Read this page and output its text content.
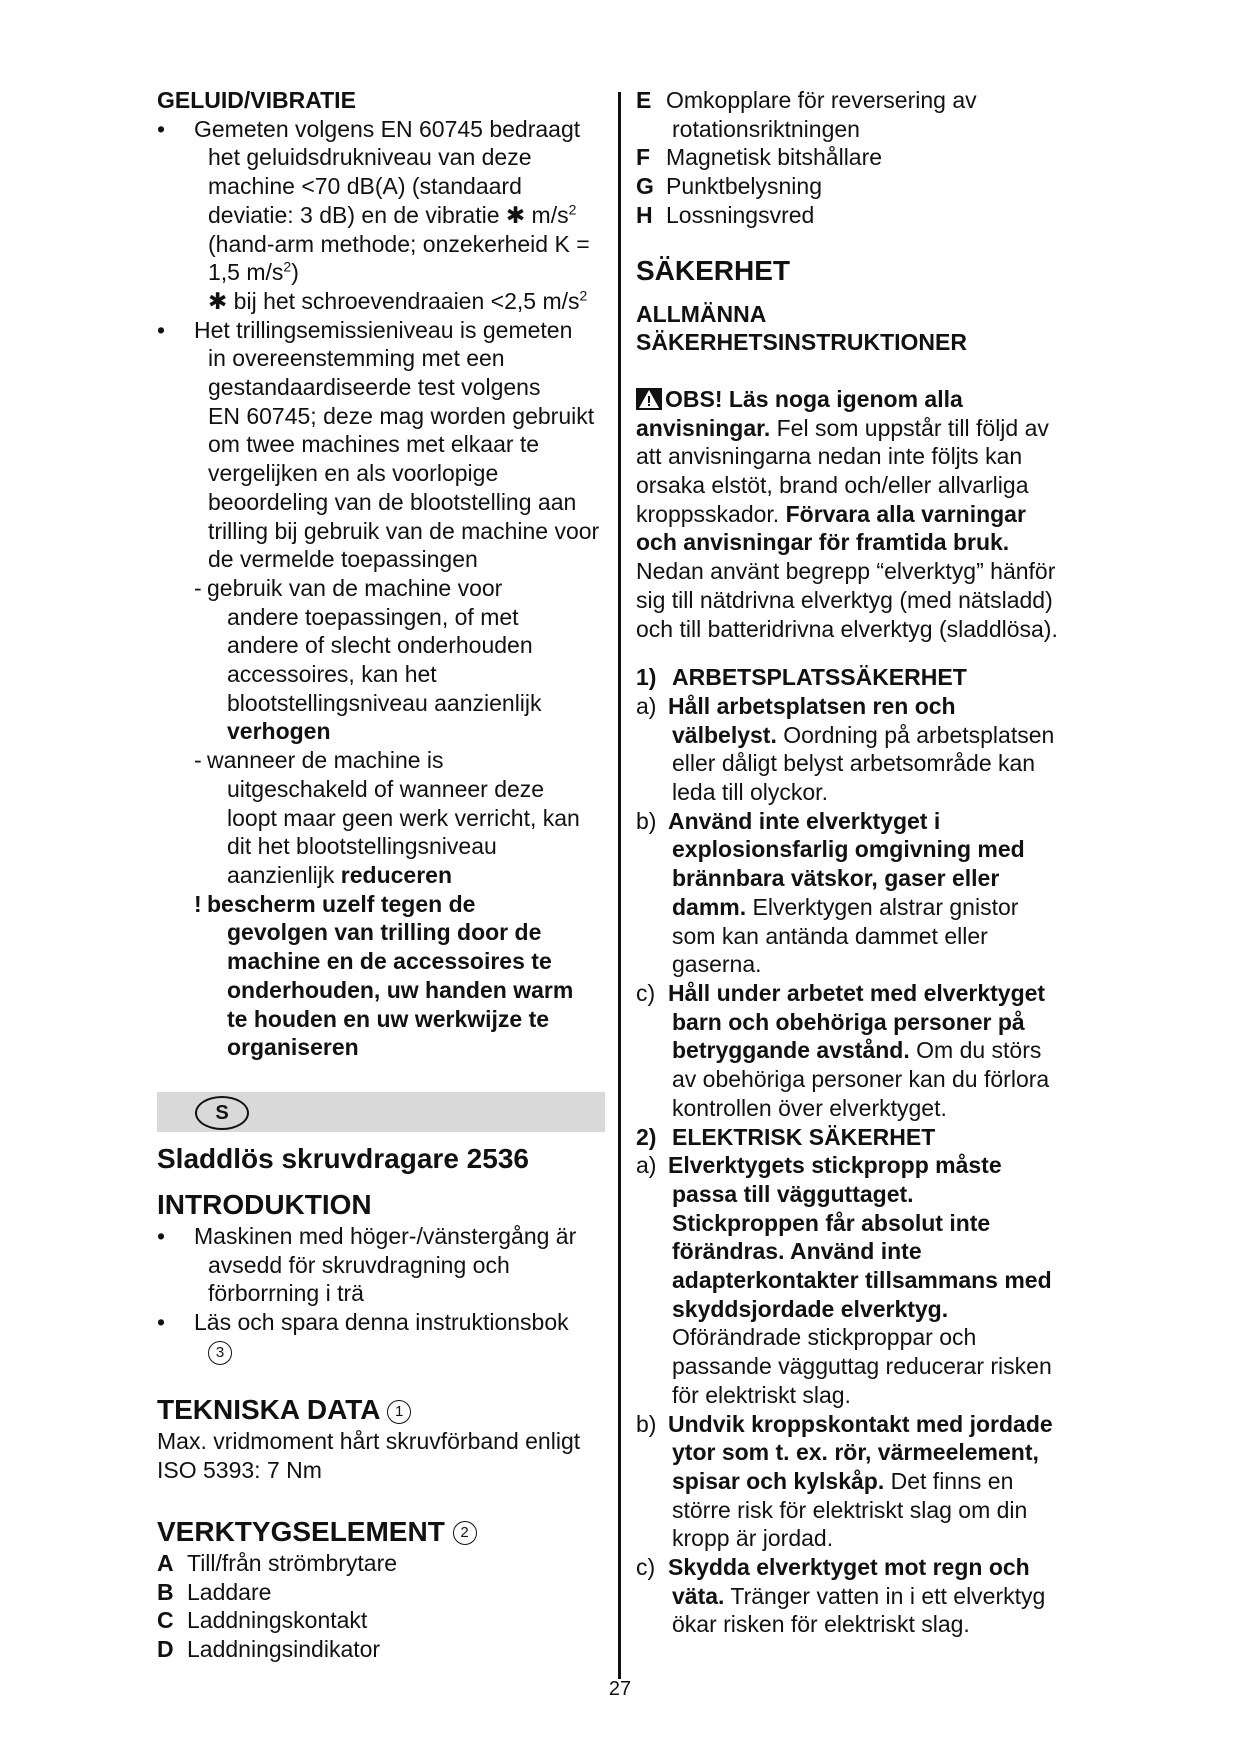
GELUID/VIBRATIE
• Gemeten volgens EN 60745 bedraagt
het geluidsdrukniveau van deze
machine <70 dB(A) (standaard
deviatie: 3 dB) en de vibratie ✱ $m/s^2$
(hand-arm methode; onzekerheid K =
1,5 $m/s^2$)
✱ bij het schroevendraaien <2,5 $m/s^2$
• Het trillingsemissieniveau is gemeten
in overeenstemming met een
gestandaardiseerde test volgens
EN 60745; deze mag worden gebruikt
om twee machines met elkaar te
vergelijken en als voorlopige
beoordeling van de blootstelling aan
trilling bij gebruik van de machine voor
de vermelde toepassingen
- gebruik van de machine voor
andere toepassingen, of met
andere of slecht onderhouden
accessoires, kan het
blootstellingsniveau aanzienlijk
verhogen
- wanneer de machine is
uitgeschakeld of wanneer deze
loopt maar geen werk verricht, kan
dit het blootstellingsniveau
aanzienlijk reduceren
! bescherm uzelf tegen de
gevolgen van trilling door de
machine en de accessoires te
onderhouden, uw handen warm
te houden en uw werkwijze te
organiseren
S
Sladdlös skruvdragare 2536
INTRODUKTION
• Maskinen med höger-/vänstergång är
avsedd för skruvdragning och
förborrning i trä
• Läs och spara denna instruktionsbok
3
TEKNISKA DATA 1
Max. vridmoment hårt skruvförband enligt
ISO 5393: 7 Nm
VERKTYGSELEMENT 2
A Till/från strömbrytare
B Laddare
C Laddningskontakt
D Laddningsindikator
E Omkopplare för reversering av
rotationsriktningen
F Magnetisk bitshållare
G Punktbelysning
H Lossningsvred
SÄKERHET
ALLMÄNNA
SÄKERHETSINSTRUKTIONER
OBS! Läs noga igenom alla
anvisningar. Fel som uppstår till följd av
att anvisningarna nedan inte följts kan
orsaka elstöt, brand och/eller allvarliga
kroppsskador. Förvara alla varningar
och anvisningar för framtida bruk.
Nedan använt begrepp “elverktyg” hänför
sig till nätdrivna elverktyg (med nätsladd)
och till batteridrivna elverktyg (sladdlösa).
1) ARBETSPLATSSÄKERHET
a) Håll arbetsplatsen ren och
välbelyst. Oordning på arbetsplatsen
eller dåligt belyst arbetsområde kan
leda till olyckor.
b) Använd inte elverktyget i
explosionsfarlig omgivning med
brännbara vätskor, gaser eller
damm. Elverktygen alstrar gnistor
som kan antända dammet eller
gaserna.
c) Håll under arbetet med elverktyget
barn och obehöriga personer på
betryggande avstånd. Om du störs
av obehöriga personer kan du förlora
kontrollen över elverktyget.
2) ELEKTRISK SÄKERHET
a) Elverktygets stickpropp måste
passa till vägguttaget.
Stickproppen får absolut inte
förändras. Använd inte
adapterkontakter tillsammans med
skyddsjordade elverktyg.
Oförändrade stickproppar och
passande vägguttag reducerar risken
för elektriskt slag.
b) Undvik kroppskontakt med jordade
ytor som t. ex. rör, värmeelement,
spisar och kylskåp. Det finns en
större risk för elektriskt slag om din
kropp är jordad.
c) Skydda elverktyget mot regn och
väta. Tränger vatten in i ett elverktyg
ökar risken för elektriskt slag.
27
